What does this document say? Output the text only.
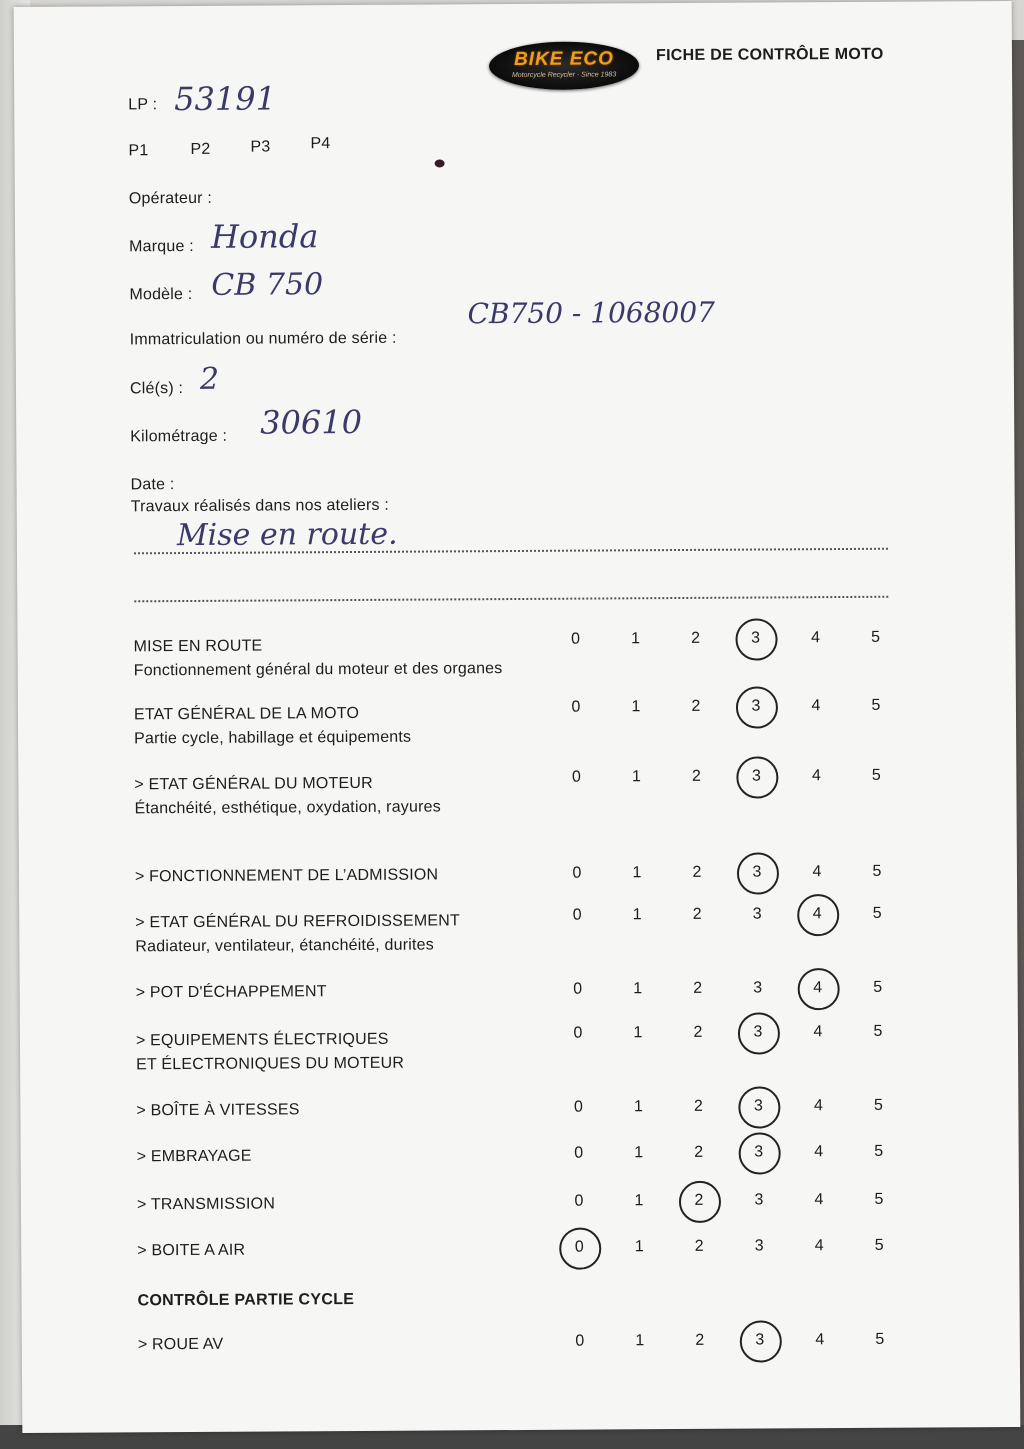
BIKE ECO
Motorcycle Recycler · Since 1983
FICHE DE CONTRÔLE MOTO
LP : 53191
P1	P2 P3 P4
Opérateur :
Marque : Honda
Modèle : CB 750
Immatriculation ou numéro de série :
CB750 - 1068007
Clé(s) : 2
Kilométrage : 30610
Date :
Travaux réalisés dans nos ateliers :
Mise en route.
MISE EN ROUTE
Fonctionnement général du moteur et des organes
0	1	2	3	4	5
ETAT GÉNÉRAL DE LA MOTO
Partie cycle, habillage et équipements
0	1	2	3	4	5
> ETAT GÉNÉRAL DU MOTEUR
Étanchéité, esthétique, oxydation, rayures
0	1	2	3	4	5
> FONCTIONNEMENT DE L’ADMISSION	0	1	2	3	4	5
> ETAT GÉNÉRAL DU REFROIDISSEMENT
Radiateur, ventilateur, étanchéité, durites
0	1	2	3	4	5
> POT D'ÉCHAPPEMENT	0	1	2	3	4	5
> EQUIPEMENTS ÉLECTRIQUES
ET ÉLECTRONIQUES DU MOTEUR
0	1	2	3	4	5
> BOÎTE À VITESSES	0	1	2	3	4	5
> EMBRAYAGE	0	1	2	3	4	5
> TRANSMISSION	0	1	2	3	4	5
> BOITE A AIR	0	1	2	3	4	5
CONTRÔLE PARTIE CYCLE
> ROUE AV	0	1	2	3	4	5
